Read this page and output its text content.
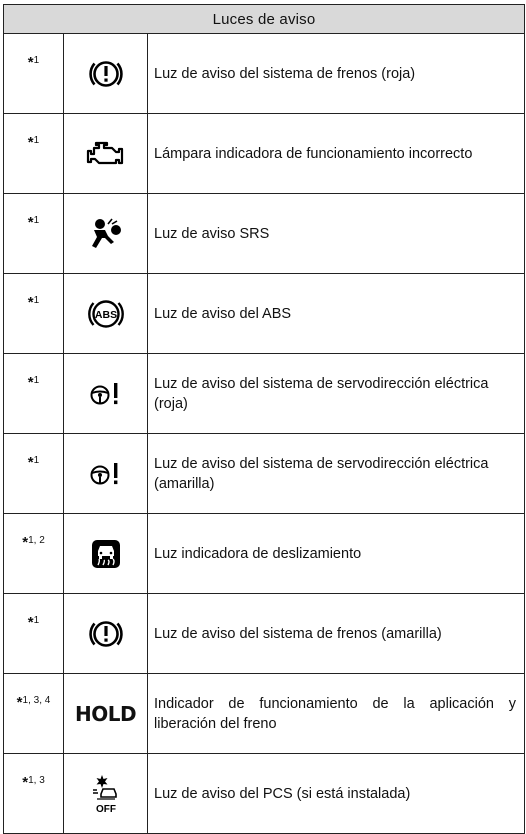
Luces de aviso		
*$^1$		Luz de aviso del sistema de frenos (roja)
*$^1$		Lámpara indicadora de funcionamiento incorrecto
*$^1$		Luz de aviso SRS
*$^1$	ABS	Luz de aviso del ABS
*$^1$		Luz de aviso del sistema de servodirección eléctrica (roja)
*$^1$		Luz de aviso del sistema de servodirección eléctrica (amarilla)
*$^{1, 2}$		Luz indicadora de deslizamiento
*$^1$		Luz de aviso del sistema de frenos (amarilla)
*$^{1, 3, 4}$	HOLD	Indicador de funcionamiento de la aplicación y liberación del freno
*$^{1, 3}$	OFF	Luz de aviso del PCS (si está instalada)
